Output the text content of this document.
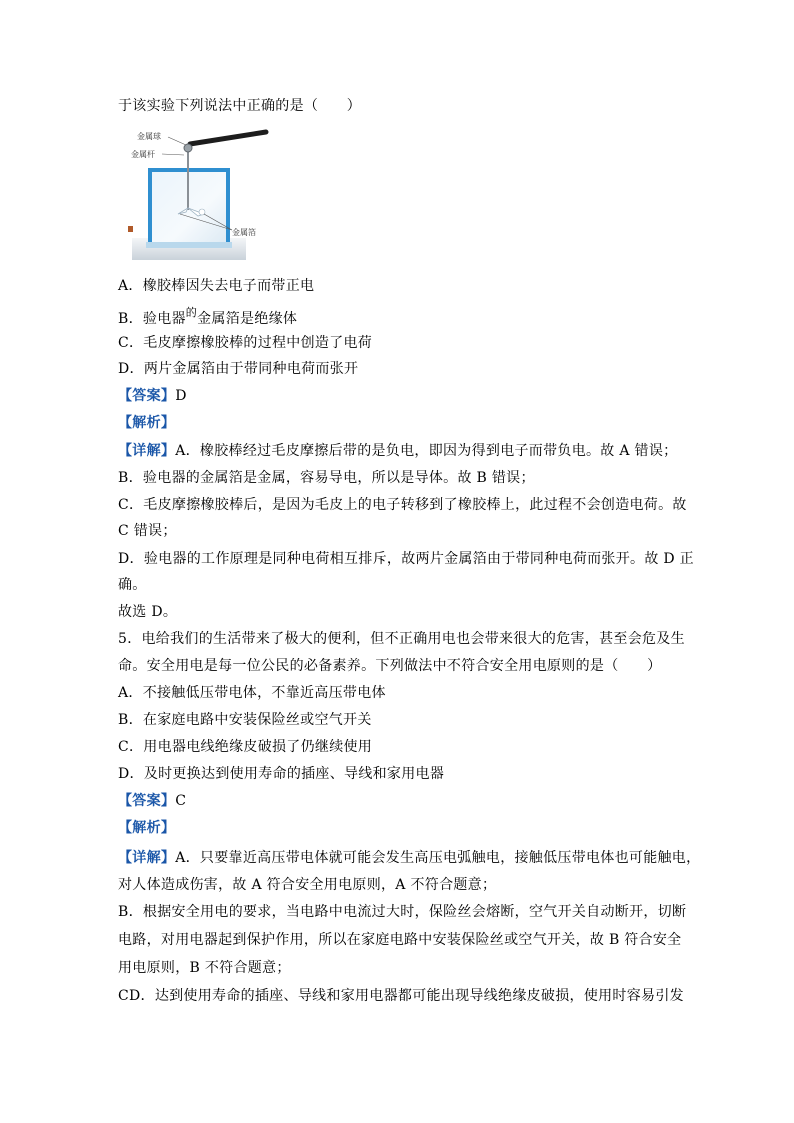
于该实验下列说法中正确的是（　　）
金属球
金属杆
金属箔
A．橡胶棒因失去电子而带正电
B．验电器$^的$金属箔是绝缘体
C．毛皮摩擦橡胶棒的过程中创造了电荷
D．两片金属箔由于带同种电荷而张开
【答案】D
【解析】
【详解】A．橡胶棒经过毛皮摩擦后带的是负电，即因为得到电子而带负电。故 A 错误；
B．验电器的金属箔是金属，容易导电，所以是导体。故 B 错误；
C．毛皮摩擦橡胶棒后，是因为毛皮上的电子转移到了橡胶棒上，此过程不会创造电荷。故
C 错误；
D．验电器的工作原理是同种电荷相互排斥，故两片金属箔由于带同种电荷而张开。故 D 正
确。
故选 D。
5．电给我们的生活带来了极大的便利，但不正确用电也会带来很大的危害，甚至会危及生
命。安全用电是每一位公民的必备素养。下列做法中不符合安全用电原则的是（　　）
A．不接触低压带电体，不靠近高压带电体
B．在家庭电路中安装保险丝或空气开关
C．用电器电线绝缘皮破损了仍继续使用
D．及时更换达到使用寿命的插座、导线和家用电器
【答案】C
【解析】
【详解】A．只要靠近高压带电体就可能会发生高压电弧触电，接触低压带电体也可能触电，
对人体造成伤害，故 A 符合安全用电原则，A 不符合题意；
B．根据安全用电的要求，当电路中电流过大时，保险丝会熔断，空气开关自动断开，切断
电路，对用电器起到保护作用，所以在家庭电路中安装保险丝或空气开关，故 B 符合安全
用电原则，B 不符合题意；
CD．达到使用寿命的插座、导线和家用电器都可能出现导线绝缘皮破损，使用时容易引发
